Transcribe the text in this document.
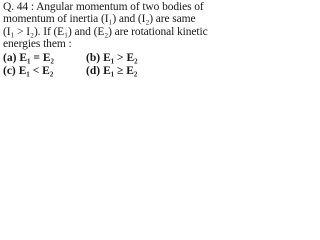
Q. 44 : Angular momentum of two bodies of
momentum of inertia (I₁) and (I₂) are same
(I₁ > I₂). If (E₁) and (E₂) are rotational kinetic
energies them :
(a) E₁ = E₂	(b) E₁ > E₂
(c) E₁ < E₂	(d) E₁ ≥ E₂
